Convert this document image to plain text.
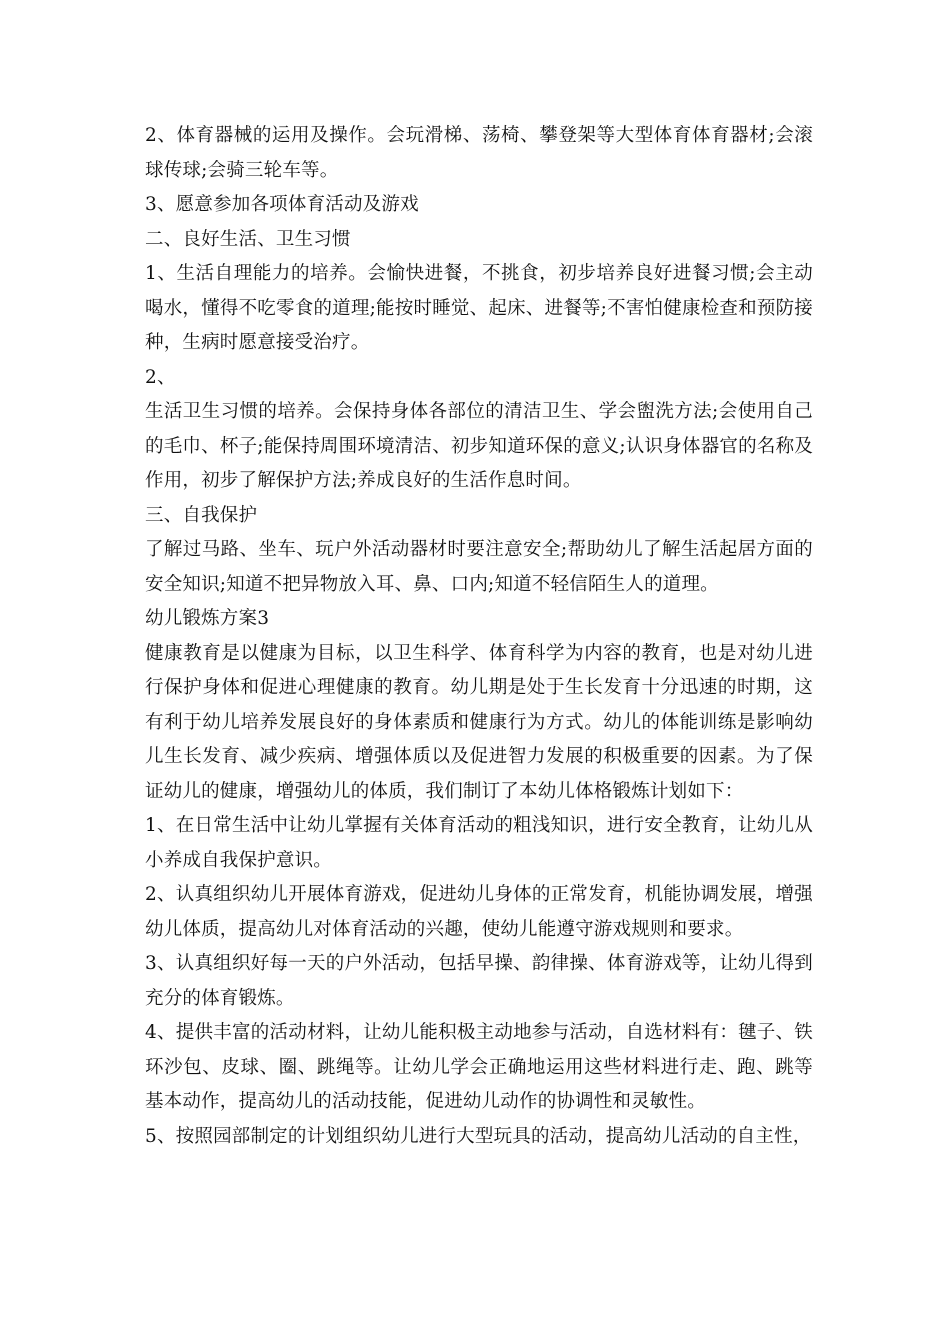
2、体育器械的运用及操作。会玩滑梯、荡椅、攀登架等大型体育体育器材;会滚球传球;会骑三轮车等。

3、愿意参加各项体育活动及游戏

二、良好生活、卫生习惯

1、生活自理能力的培养。会愉快进餐，不挑食，初步培养良好进餐习惯;会主动喝水，懂得不吃零食的道理;能按时睡觉、起床、进餐等;不害怕健康检查和预防接种，生病时愿意接受治疗。

2、

生活卫生习惯的培养。会保持身体各部位的清洁卫生、学会盥洗方法;会使用自己的毛巾、杯子;能保持周围环境清洁、初步知道环保的意义;认识身体器官的名称及作用，初步了解保护方法;养成良好的生活作息时间。

三、自我保护

了解过马路、坐车、玩户外活动器材时要注意安全;帮助幼儿了解生活起居方面的安全知识;知道不把异物放入耳、鼻、口内;知道不轻信陌生人的道理。

幼儿锻炼方案3

健康教育是以健康为目标，以卫生科学、体育科学为内容的教育，也是对幼儿进行保护身体和促进心理健康的教育。幼儿期是处于生长发育十分迅速的时期，这有利于幼儿培养发展良好的身体素质和健康行为方式。幼儿的体能训练是影响幼儿生长发育、减少疾病、增强体质以及促进智力发展的积极重要的因素。为了保证幼儿的健康，增强幼儿的体质，我们制订了本幼儿体格锻炼计划如下：

1、在日常生活中让幼儿掌握有关体育活动的粗浅知识，进行安全教育，让幼儿从小养成自我保护意识。

2、认真组织幼儿开展体育游戏，促进幼儿身体的正常发育，机能协调发展，增强幼儿体质，提高幼儿对体育活动的兴趣，使幼儿能遵守游戏规则和要求。

3、认真组织好每一天的户外活动，包括早操、韵律操、体育游戏等，让幼儿得到充分的体育锻炼。

4、提供丰富的活动材料，让幼儿能积极主动地参与活动，自选材料有：毽子、铁环沙包、皮球、圈、跳绳等。让幼儿学会正确地运用这些材料进行走、跑、跳等基本动作，提高幼儿的活动技能，促进幼儿动作的协调性和灵敏性。

5、按照园部制定的计划组织幼儿进行大型玩具的活动，提高幼儿活动的自主性，
